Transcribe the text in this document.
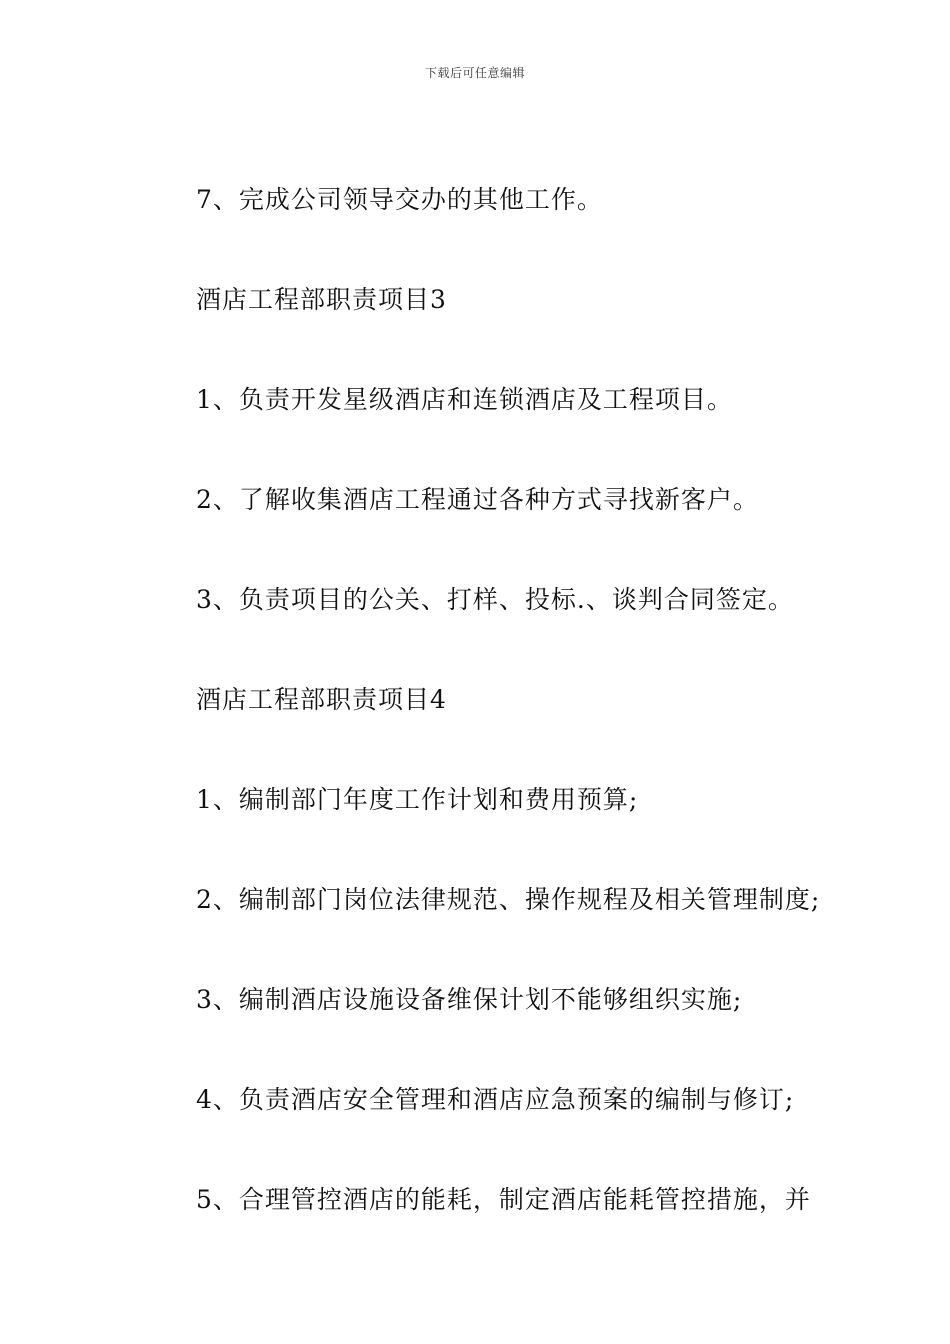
下载后可任意编辑
7、完成公司领导交办的其他工作。
酒店工程部职责项目3
1、负责开发星级酒店和连锁酒店及工程项目。
2、了解收集酒店工程通过各种方式寻找新客户。
3、负责项目的公关、打样、投标.、谈判合同签定。
酒店工程部职责项目4
1、编制部门年度工作计划和费用预算;
2、编制部门岗位法律规范、操作规程及相关管理制度;
3、编制酒店设施设备维保计划不能够组织实施;
4、负责酒店安全管理和酒店应急预案的编制与修订;
5、合理管控酒店的能耗，制定酒店能耗管控措施，并
